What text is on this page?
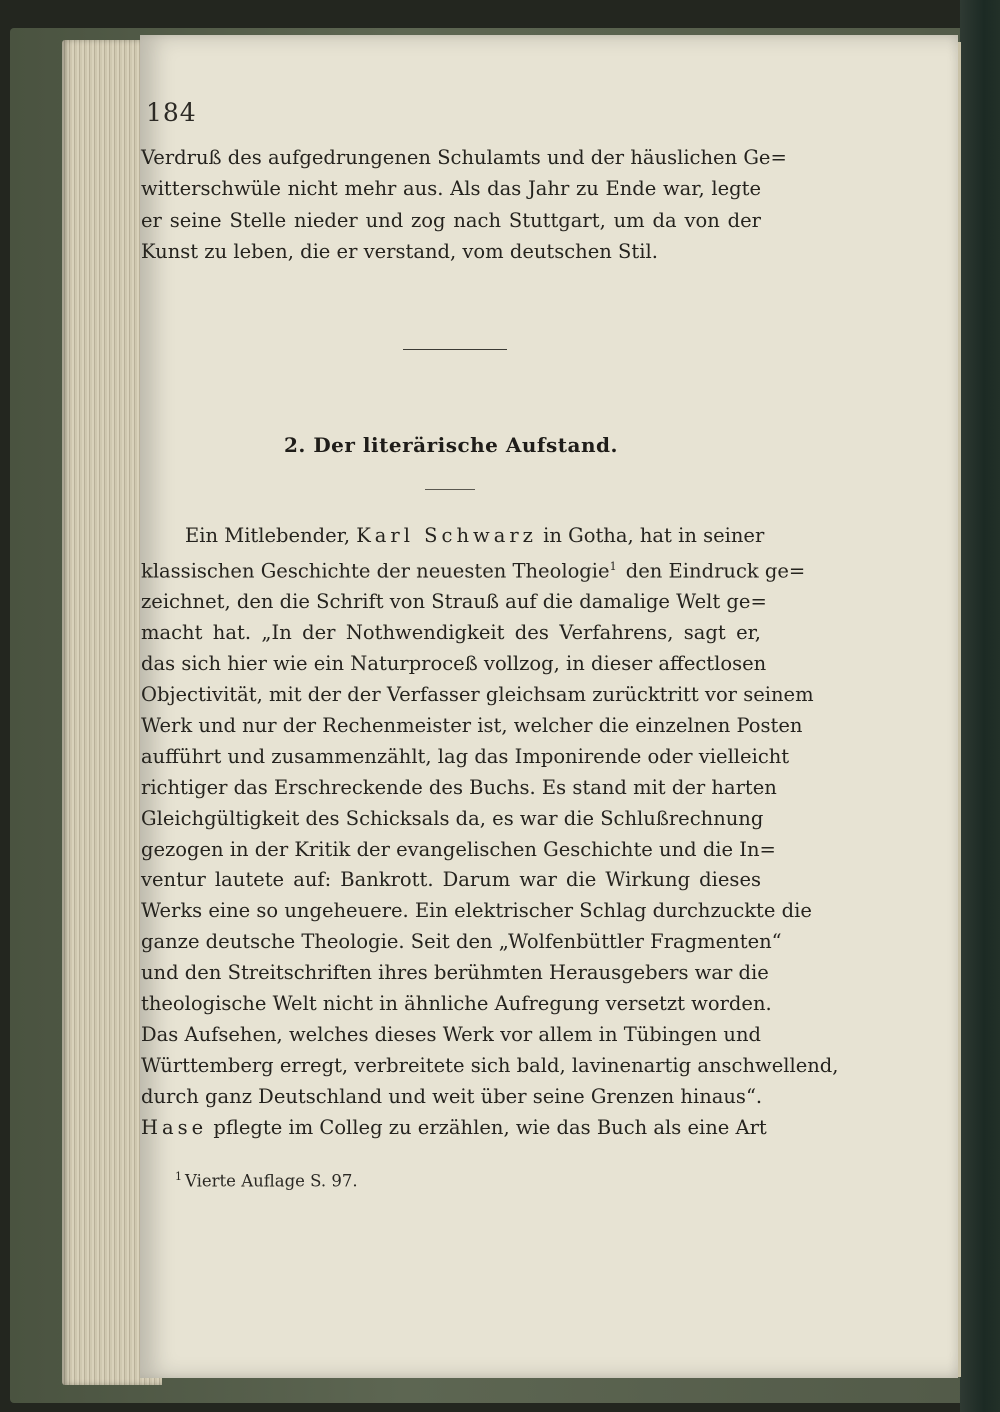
184
Verdruß des aufgedrungenen Schulamts und der häuslichen Ge=
witterschwüle nicht mehr aus. Als das Jahr zu Ende war, legte
er seine Stelle nieder und zog nach Stuttgart, um da von der
Kunst zu leben, die er verstand, vom deutschen Stil.
2. Der literärische Aufstand.
Ein Mitlebender, Karl Schwarz in Gotha, hat in seiner
klassischen Geschichte der neuesten Theologie$^1$ den Eindruck ge=
zeichnet, den die Schrift von Strauß auf die damalige Welt ge=
macht hat. „In der Nothwendigkeit des Verfahrens, sagt er,
das sich hier wie ein Naturproceß vollzog, in dieser affectlosen
Objectivität, mit der der Verfasser gleichsam zurücktritt vor seinem
Werk und nur der Rechenmeister ist, welcher die einzelnen Posten
aufführt und zusammenzählt, lag das Imponirende oder vielleicht
richtiger das Erschreckende des Buchs. Es stand mit der harten
Gleichgültigkeit des Schicksals da, es war die Schlußrechnung
gezogen in der Kritik der evangelischen Geschichte und die In=
ventur lautete auf: Bankrott. Darum war die Wirkung dieses
Werks eine so ungeheuere. Ein elektrischer Schlag durchzuckte die
ganze deutsche Theologie. Seit den „Wolfenbüttler Fragmenten“
und den Streitschriften ihres berühmten Herausgebers war die
theologische Welt nicht in ähnliche Aufregung versetzt worden.
Das Aufsehen, welches dieses Werk vor allem in Tübingen und
Württemberg erregt, verbreitete sich bald, lavinenartig anschwellend,
durch ganz Deutschland und weit über seine Grenzen hinaus“.
Hase pflegte im Colleg zu erzählen, wie das Buch als eine Art
$^1$ Vierte Auflage S. 97.
